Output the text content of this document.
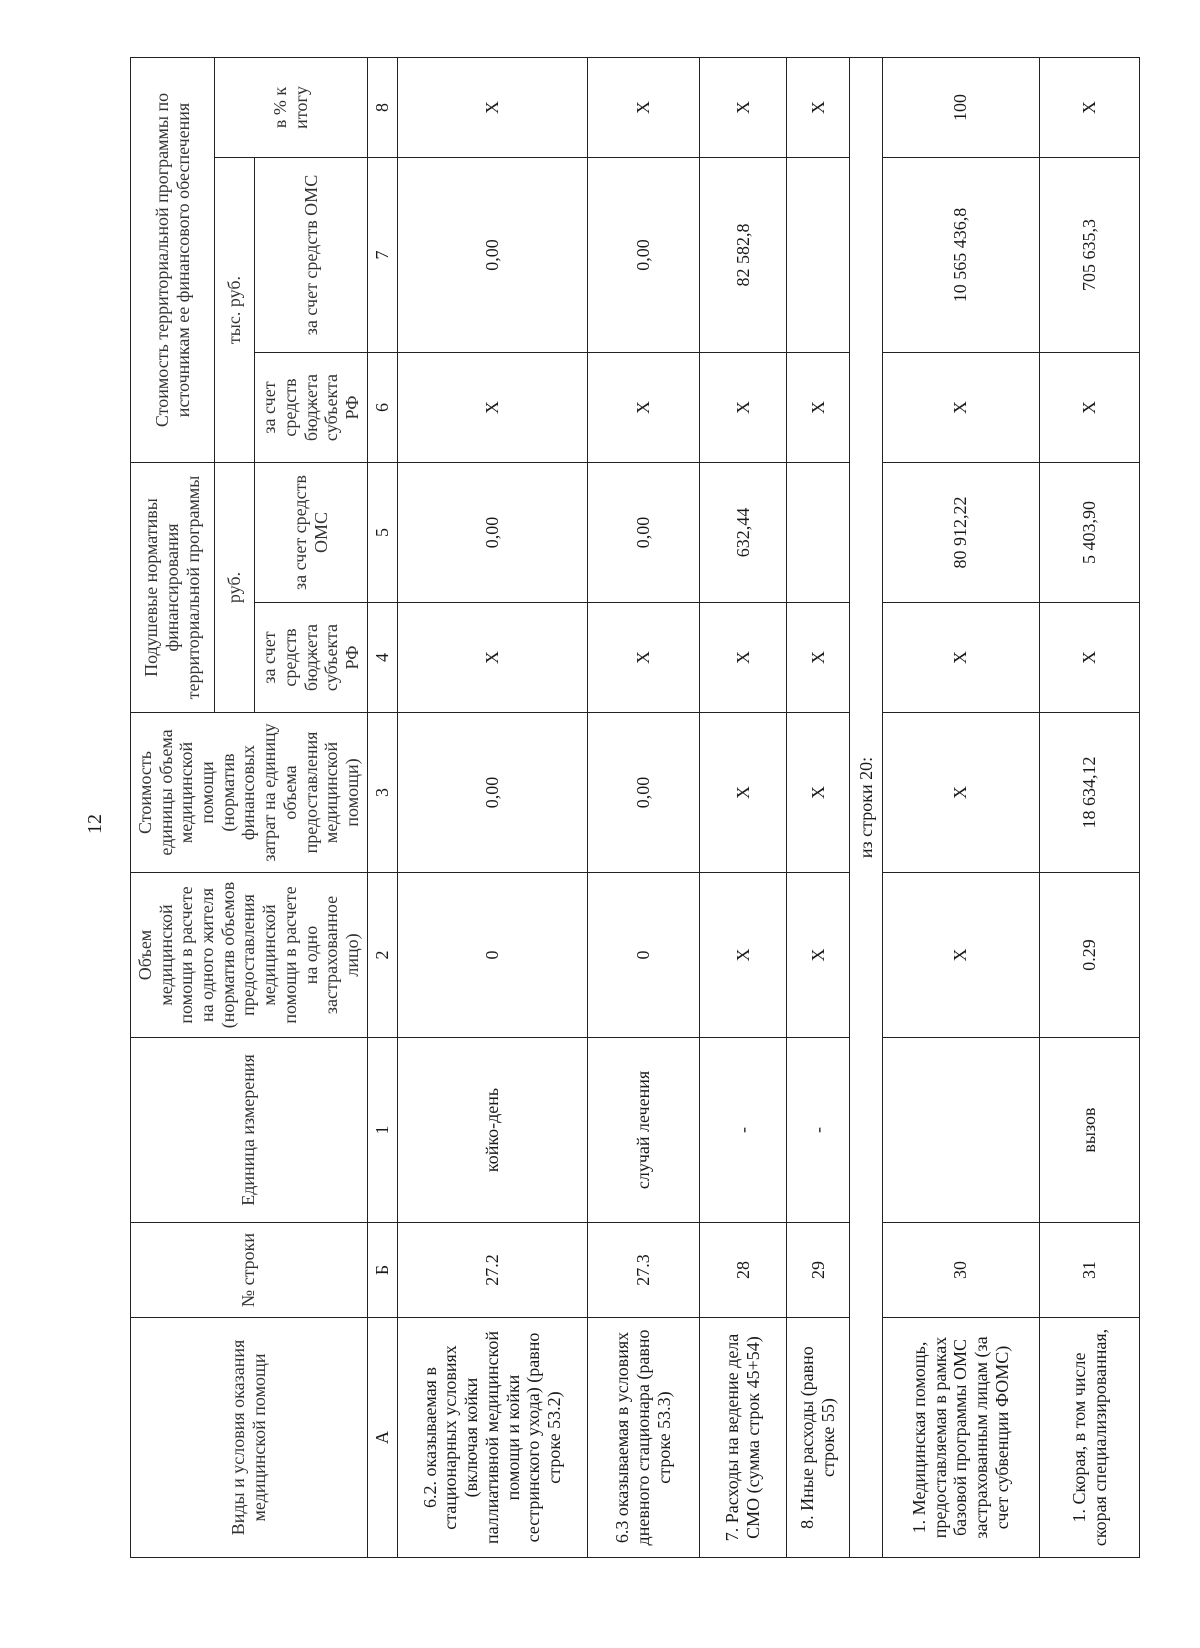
12
Виды и условия оказания медицинской помощи	№ строки	Единица измерения	Объем медицинской помощи в расчете на одного жителя (норматив объемов предоставления медицинской помощи в расчете на одно застрахованное лицо)	Стоимость единицы объема медицинской помощи (норматив финансовых затрат на единицу объема предоставления медицинской помощи)	Подушевые нормативы финансирования территориальной программы		Стоимость территориальной программы по источникам ее финансового обеспечения		
					руб.		тыс. руб.		в % к итогу
					за счет средств бюджета субъекта РФ	за счет средств ОМС	за счет средств бюджета субъекта РФ	за счет средств ОМС	
А	Б	1	2	3	4	5	6	7	8
6.2. оказываемая в стационарных условиях (включая койки паллиативной медицинской помощи и койки сестринского ухода) (равно строке 53.2)	27.2	койко-день	0	0,00	X	0,00	X	0,00	X
6.3 оказываемая в условиях дневного стационара (равно строке 53.3)	27.3	случай лечения	0	0,00	X	0,00	X	0,00	X
7. Расходы на ведение дела СМО (сумма строк 45+54)	28	-	X	X	X	632,44	X	82 582,8	X
8. Иные расходы (равно строке 55)	29	-	X	X	X		X		X
из строки 20:									
1. Медицинская помощь, предоставляемая в рамках базовой программы ОМС застрахованным лицам (за счет субвенции ФОМС)	30		X	X	X	80 912,22	X	10 565 436,8	100
1. Скорая, в том числе скорая специализированная,	31	вызов	0.29	18 634,12	X	5 403,90	X	705 635,3	X
